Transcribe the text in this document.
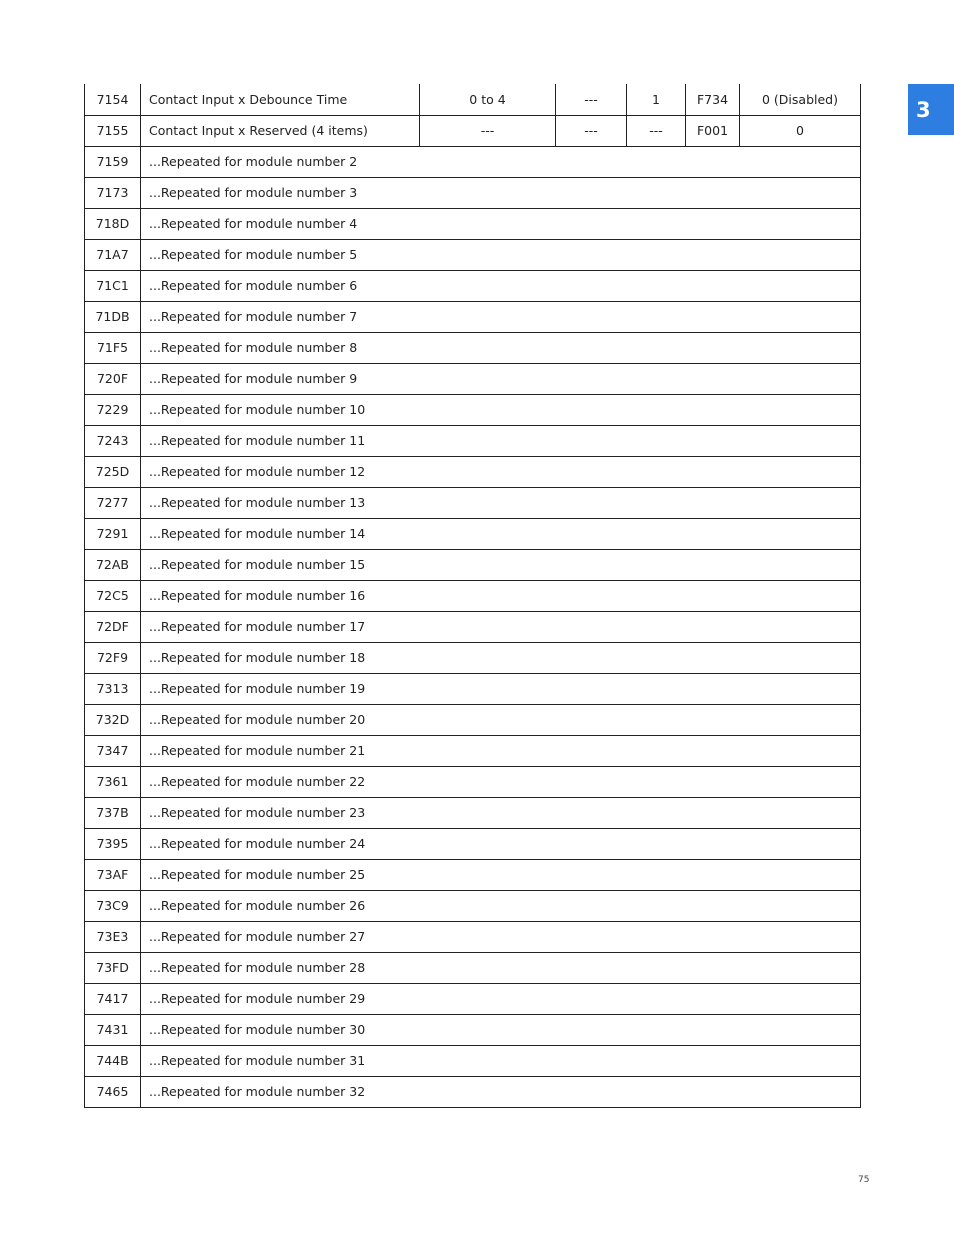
3
7154	Contact Input x Debounce Time	0 to 4	---	1	F734	0 (Disabled)
7155	Contact Input x Reserved (4 items)	---	---	---	F001	0
7159	...Repeated for module number 2					
7173	...Repeated for module number 3					
718D	...Repeated for module number 4					
71A7	...Repeated for module number 5					
71C1	...Repeated for module number 6					
71DB	...Repeated for module number 7					
71F5	...Repeated for module number 8					
720F	...Repeated for module number 9					
7229	...Repeated for module number 10					
7243	...Repeated for module number 11					
725D	...Repeated for module number 12					
7277	...Repeated for module number 13					
7291	...Repeated for module number 14					
72AB	...Repeated for module number 15					
72C5	...Repeated for module number 16					
72DF	...Repeated for module number 17					
72F9	...Repeated for module number 18					
7313	...Repeated for module number 19					
732D	...Repeated for module number 20					
7347	...Repeated for module number 21					
7361	...Repeated for module number 22					
737B	...Repeated for module number 23					
7395	...Repeated for module number 24					
73AF	...Repeated for module number 25					
73C9	...Repeated for module number 26					
73E3	...Repeated for module number 27					
73FD	...Repeated for module number 28					
7417	...Repeated for module number 29					
7431	...Repeated for module number 30					
744B	...Repeated for module number 31					
7465	...Repeated for module number 32					
75
